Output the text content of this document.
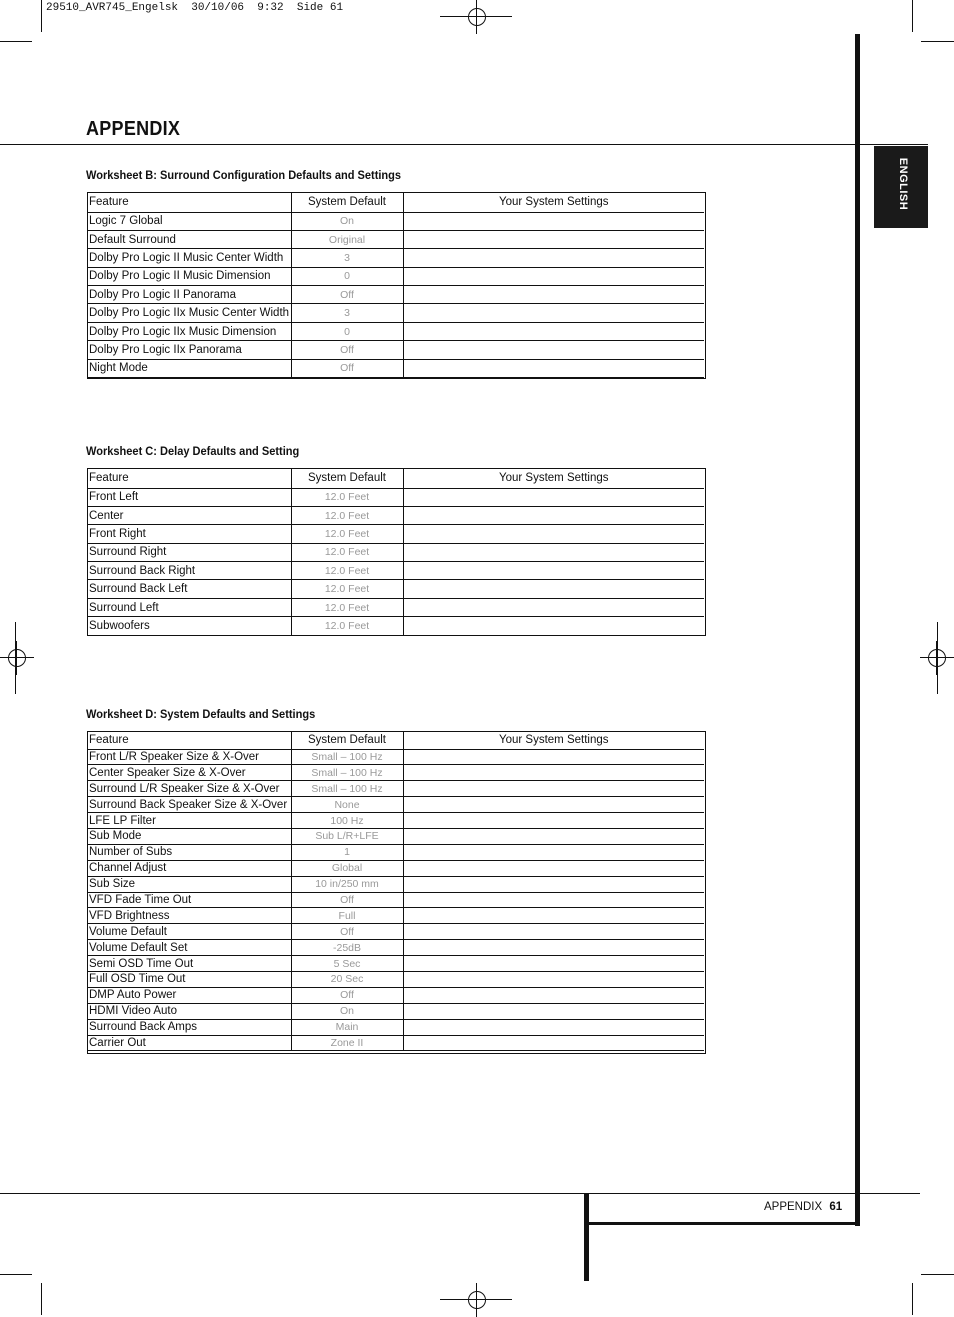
29510_AVR745_Engelsk  30/10/06  9:32  Side 61
APPENDIX
ENGLISH
Worksheet B: Surround Configuration Defaults and Settings
Feature	System Default	Your System Settings
Logic 7 Global	On	
Default Surround	Original	
Dolby Pro Logic II Music Center Width	3	
Dolby Pro Logic II Music Dimension	0	
Dolby Pro Logic II Panorama	Off	
Dolby Pro Logic IIx Music Center Width	3	
Dolby Pro Logic IIx Music Dimension	0	
Dolby Pro Logic IIx Panorama	Off	
Night Mode	Off	
Worksheet C: Delay Defaults and Setting
Feature	System Default	Your System Settings
Front Left	12.0 Feet	
Center	12.0 Feet	
Front Right	12.0 Feet	
Surround Right	12.0 Feet	
Surround Back Right	12.0 Feet	
Surround Back Left	12.0 Feet	
Surround Left	12.0 Feet	
Subwoofers	12.0 Feet	
Worksheet D: System Defaults and Settings
Feature	System Default	Your System Settings
Front L/R Speaker Size & X-Over	Small – 100 Hz	
Center Speaker Size & X-Over	Small – 100 Hz	
Surround L/R Speaker Size & X-Over	Small – 100 Hz	
Surround Back Speaker Size & X-Over	None	
LFE LP Filter	100 Hz	
Sub Mode	Sub L/R+LFE	
Number of Subs	1	
Channel Adjust	Global	
Sub Size	10 in/250 mm	
VFD Fade Time Out	Off	
VFD Brightness	Full	
Volume Default	Off	
Volume Default Set	-25dB	
Semi OSD Time Out	5 Sec	
Full OSD Time Out	20 Sec	
DMP Auto Power	Off	
HDMI Video Auto	On	
Surround Back Amps	Main	
Carrier Out	Zone II	
APPENDIX 61
